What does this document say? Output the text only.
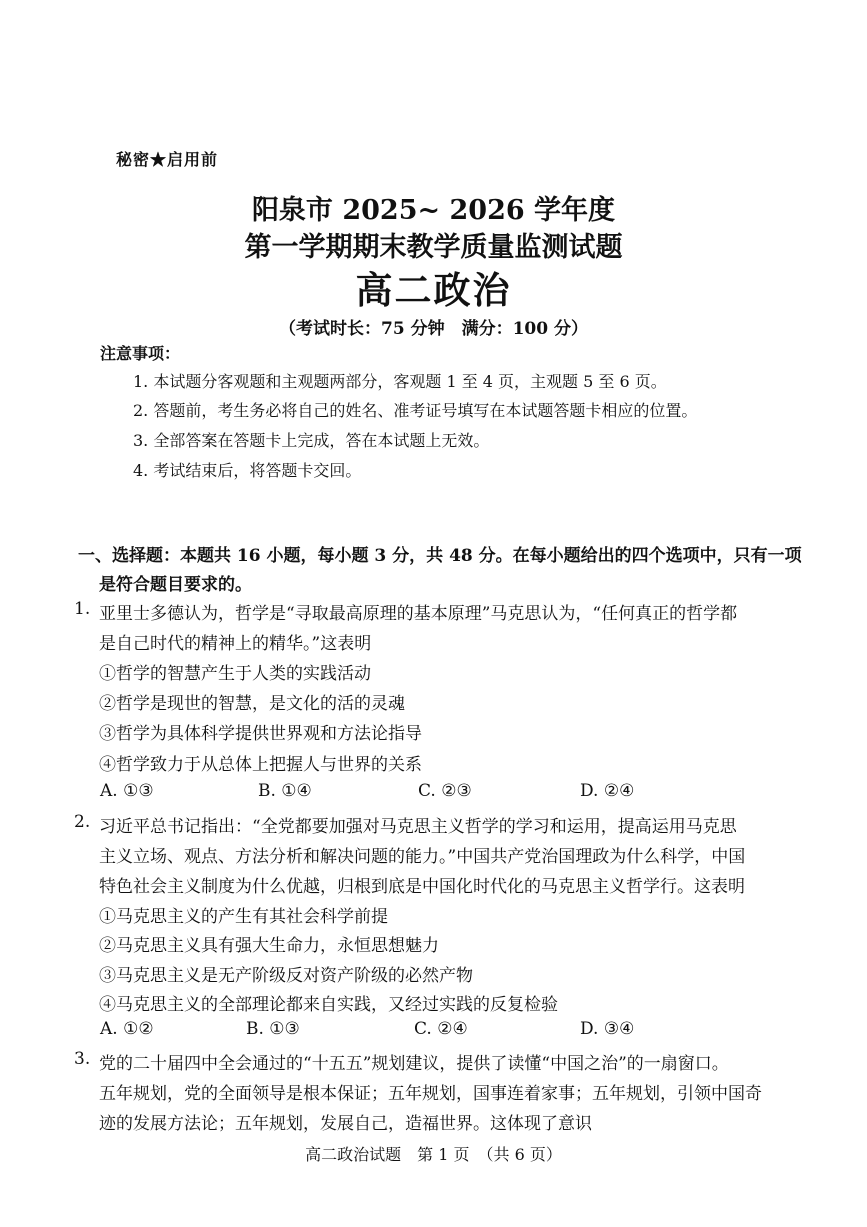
秘密★启用前
阳泉市 2025~ 2026 学年度
第一学期期末教学质量监测试题
高二政治
（考试时长：75 分钟　满分：100 分）
注意事项：
1. 本试题分客观题和主观题两部分，客观题 1 至 4 页，主观题 5 至 6 页。
2. 答题前，考生务必将自己的姓名、准考证号填写在本试题答题卡相应的位置。
3. 全部答案在答题卡上完成，答在本试题上无效。
4. 考试结束后，将答题卡交回。
一、选择题：本题共 16 小题，每小题 3 分，共 48 分。在每小题给出的四个选项中，只有一项
是符合题目要求的。
1. 亚里士多德认为，哲学是“寻取最高原理的基本原理”马克思认为，“任何真正的哲学都
是自己时代的精神上的精华。”这表明
①哲学的智慧产生于人类的实践活动
②哲学是现世的智慧，是文化的活的灵魂
③哲学为具体科学提供世界观和方法论指导
④哲学致力于从总体上把握人与世界的关系
A. ①③	B. ①④	C. ②③	D. ②④
2. 习近平总书记指出：“全党都要加强对马克思主义哲学的学习和运用，提高运用马克思
主义立场、观点、方法分析和解决问题的能力。”中国共产党治国理政为什么科学，中国
特色社会主义制度为什么优越，归根到底是中国化时代化的马克思主义哲学行。这表明
①马克思主义的产生有其社会科学前提
②马克思主义具有强大生命力，永恒思想魅力
③马克思主义是无产阶级反对资产阶级的必然产物
④马克思主义的全部理论都来自实践，又经过实践的反复检验
A. ①②	B. ①③	C. ②④	D. ③④
3. 党的二十届四中全会通过的“十五五”规划建议，提供了读懂“中国之治”的一扇窗口。
五年规划，党的全面领导是根本保证；五年规划，国事连着家事；五年规划，引领中国奇
迹的发展方法论；五年规划，发展自己，造福世界。这体现了意识
高二政治试题　第 1 页　（共 6 页）
